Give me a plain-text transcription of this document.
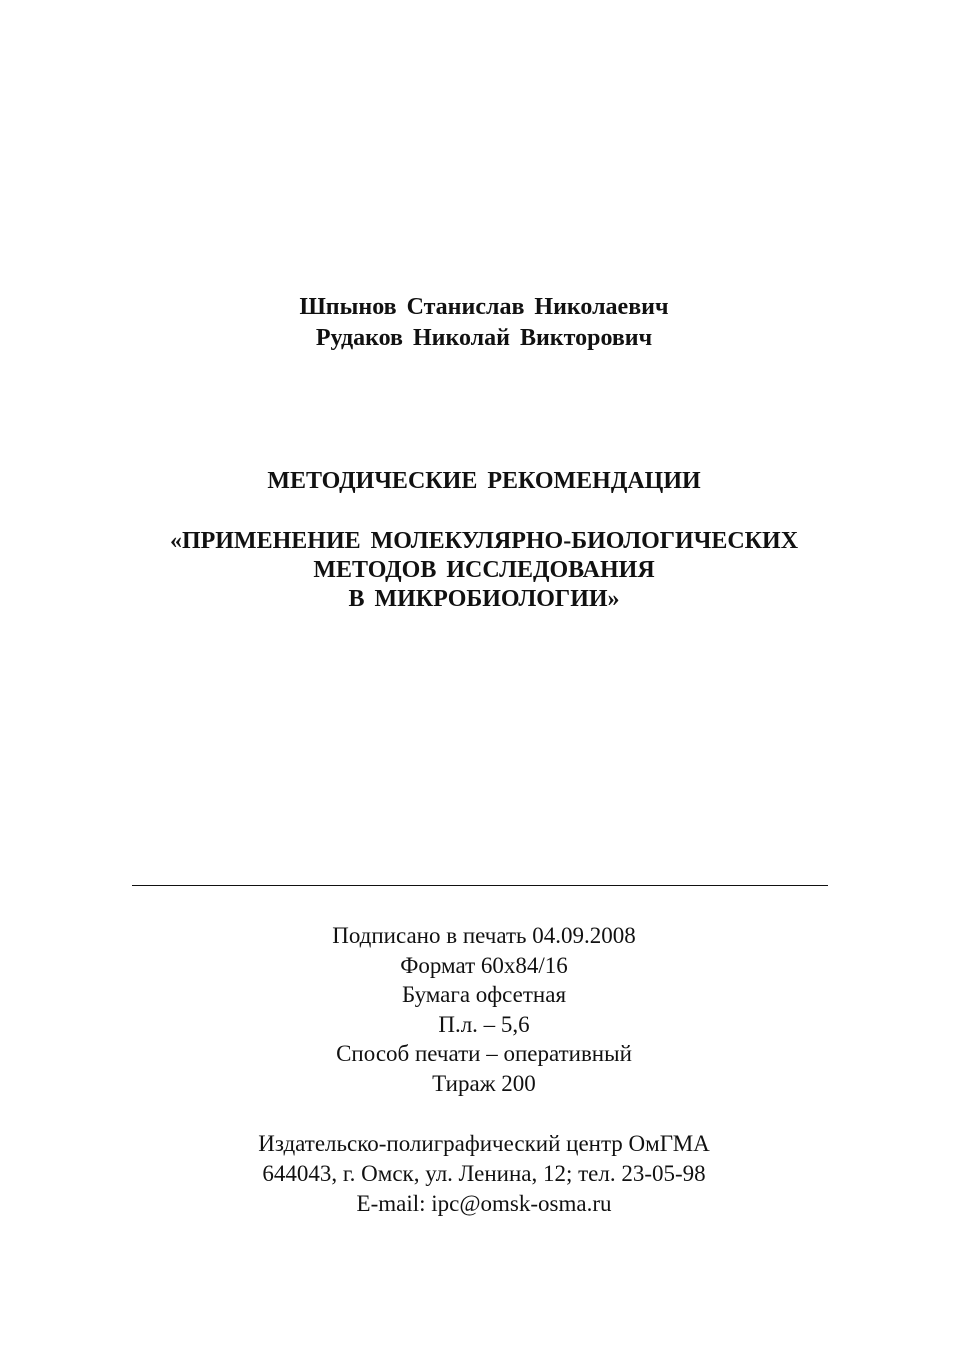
Шпынов Станислав Николаевич
Рудаков Николай Викторович
МЕТОДИЧЕСКИЕ РЕКОМЕНДАЦИИ
«ПРИМЕНЕНИЕ МОЛЕКУЛЯРНО-БИОЛОГИЧЕСКИХ
МЕТОДОВ ИССЛЕДОВАНИЯ
В МИКРОБИОЛОГИИ»
Подписано в печать 04.09.2008
Формат 60x84/16
Бумага офсетная
П.л. – 5,6
Способ печати – оперативный
Тираж 200
Издательско-полиграфический центр ОмГМА
644043, г. Омск, ул. Ленина, 12; тел. 23-05-98
E-mail: ipc@omsk-osma.ru
